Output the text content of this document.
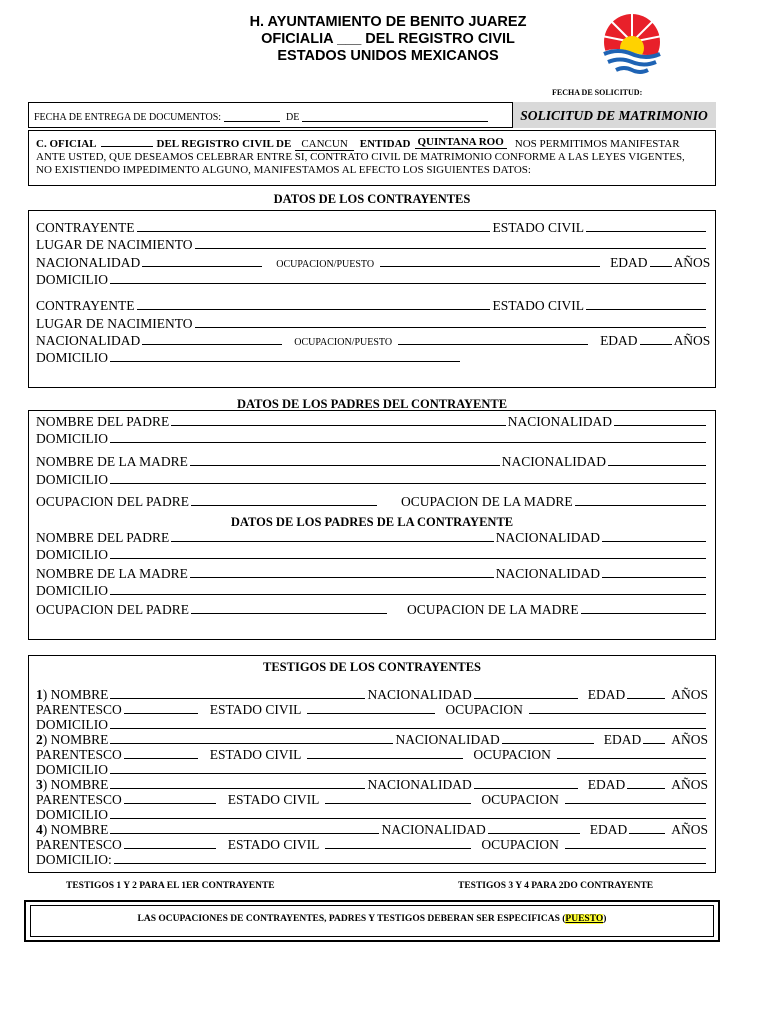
H. AYUNTAMIENTO DE BENITO JUAREZ
OFICIALIA ___ DEL REGISTRO CIVIL
ESTADOS UNIDOS MEXICANOS
FECHA DE SOLICITUD:
FECHA DE ENTREGA DE DOCUMENTOS:	DE	SOLICITUD DE MATRIMONIO
C. OFICIAL	DEL REGISTRO CIVIL DE CANCUN	ENTIDAD QUINTANA ROO NOS PERMITIMOS MANIFESTAR
ANTE USTED, QUE DESEAMOS CELEBRAR ENTRE SI, CONTRATO CIVIL DE MATRIMONIO CONFORME A LAS LEYES VIGENTES,
NO EXISTIENDO IMPEDIMENTO ALGUNO, MANIFESTAMOS AL EFECTO LOS SIGUIENTES DATOS:
DATOS DE LOS CONTRAYENTES
CONTRAYENTE	ESTADO CIVIL
LUGAR DE NACIMIENTO
NACIONALIDAD	OCUPACION/PUESTO	EDAD AÑOS
DOMICILIO
CONTRAYENTE	ESTADO CIVIL
LUGAR DE NACIMIENTO
NACIONALIDAD	OCUPACION/PUESTO	EDAD	AÑOS
DOMICILIO
DATOS DE LOS PADRES DEL CONTRAYENTE
NOMBRE DEL PADRE	NACIONALIDAD
DOMICILIO
NOMBRE DE LA MADRE	NACIONALIDAD
DOMICILIO
OCUPACION DEL PADRE	OCUPACION DE LA MADRE
DATOS DE LOS PADRES DE LA CONTRAYENTE
NOMBRE DEL PADRE	NACIONALIDAD
DOMICILIO
NOMBRE DE LA MADRE	NACIONALIDAD
DOMICILIO
OCUPACION DEL PADRE	OCUPACION DE LA MADRE
TESTIGOS DE LOS CONTRAYENTES
1 ) NOMBRE	NACIONALIDAD	EDAD	AÑOS
PARENTESCO	ESTADO CIVIL	OCUPACION
DOMICILIO
2 ) NOMBRE	NACIONALIDAD	EDAD AÑOS
PARENTESCO	ESTADO CIVIL	OCUPACION
DOMICILIO
3 ) NOMBRE	NACIONALIDAD	EDAD	AÑOS
PARENTESCO	ESTADO CIVIL	OCUPACION
DOMICILIO
4 ) NOMBRE	NACIONALIDAD	EDAD	AÑOS
PARENTESCO	ESTADO CIVIL	OCUPACION
DOMICILIO:
TESTIGOS 1 Y 2 PARA EL 1ER CONTRAYENTE	TESTIGOS 3 Y 4 PARA 2DO CONTRAYENTE
LAS OCUPACIONES DE CONTRAYENTES, PADRES Y TESTIGOS DEBERAN SER ESPECIFICAS (PUESTO)
